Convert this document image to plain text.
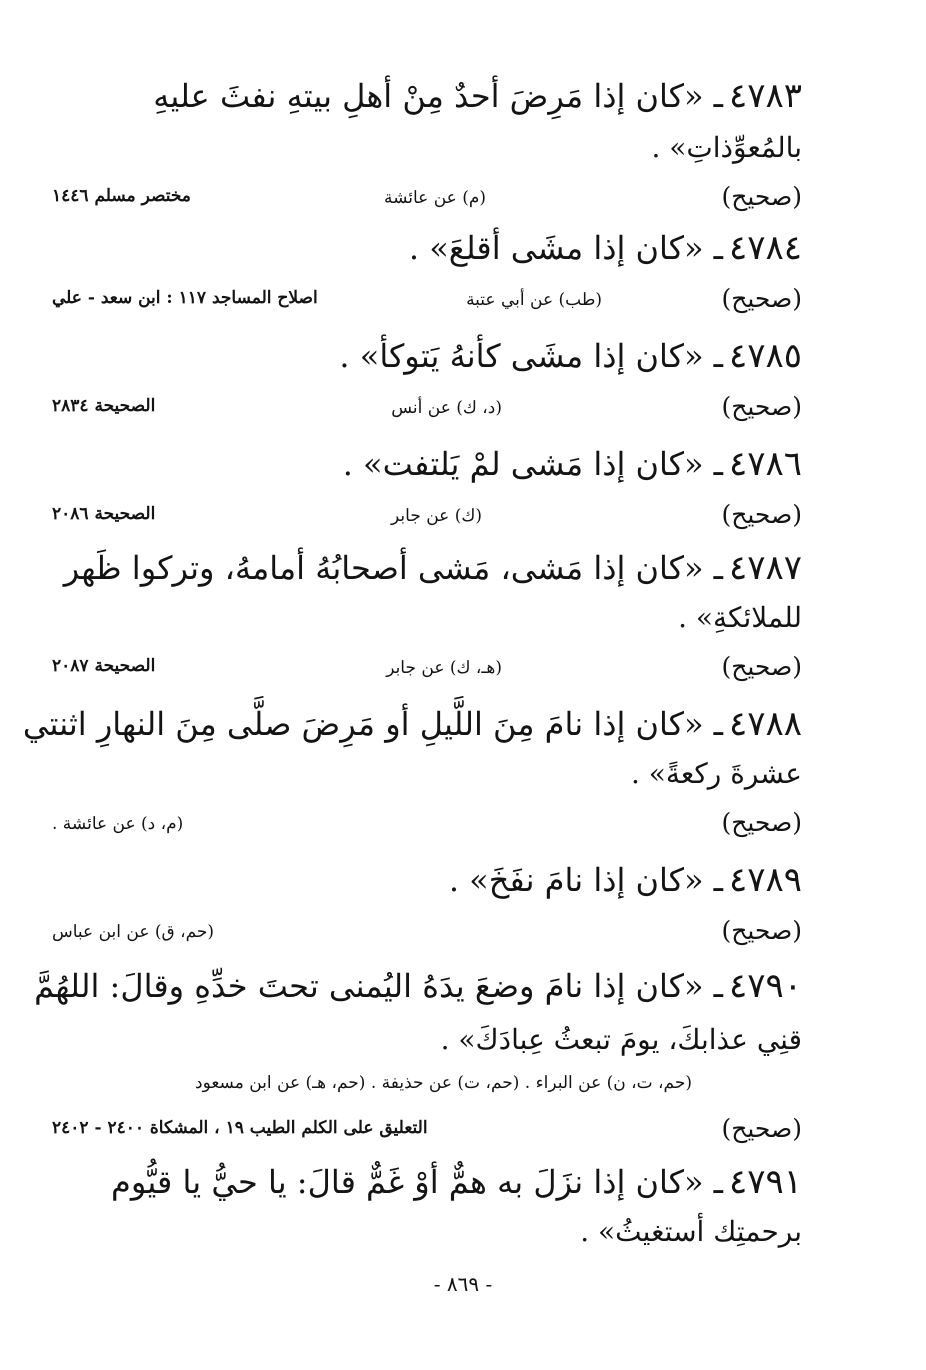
٤٧٨٣ـ«كان إذا مَرِضَ أحدٌ مِنْ أهلِ بيتهِ نفثَ عليهِ
بالمُعوِّذاتِ» .
(صحيح)
(م) عن عائشة
مختصر مسلم ١٤٤٦
٤٧٨٤ـ«كان إذا مشَى أقلعَ» .
(صحيح)
(طب) عن أبي عتبة
اصلاح المساجد ١١٧ : ابن سعد - علي
٤٧٨٥ـ«كان إذا مشَى كأنهُ يَتوكأ» .
(صحيح)
(د، ك) عن أنس
الصحيحة ٢٨٣٤
٤٧٨٦ـ«كان إذا مَشى لمْ يَلتفت» .
(صحيح)
(ك) عن جابر
الصحيحة ٢٠٨٦
٤٧٨٧ـ«كان إذا مَشى، مَشى أصحابُهُ أمامهُ، وتركوا ظَهر
للملائكةِ» .
(صحيح)
(هـ، ك) عن جابر
الصحيحة ٢٠٨٧
٤٧٨٨ـ«كان إذا نامَ مِنَ اللَّيلِ أو مَرِضَ صلَّى مِنَ النهارِ اثنتي
عشرةَ ركعةً» .
(صحيح)
(م، د) عن عائشة .
٤٧٨٩ـ«كان إذا نامَ نفَخَ» .
(صحيح)
(حم، ق) عن ابن عباس
٤٧٩٠ـ«كان إذا نامَ وضعَ يدَهُ اليُمنى تحتَ خدِّهِ وقالَ: اللهُمَّ
قنِي عذابكَ، يومَ تبعثُ عِبادَكَ» .
(حم، ت، ن) عن البراء . (حم، ت) عن حذيفة . (حم، هـ) عن ابن مسعود
(صحيح)
التعليق على الكلم الطيب ١٩ ، المشكاة ٢٤٠٠ - ٢٤٠٢
٤٧٩١ـ«كان إذا نزَلَ به همٌّ أوْ غَمٌّ قالَ: يا حيُّ يا قيُّوم
برحمتِك أستغيثُ» .
- ٨٦٩ -
